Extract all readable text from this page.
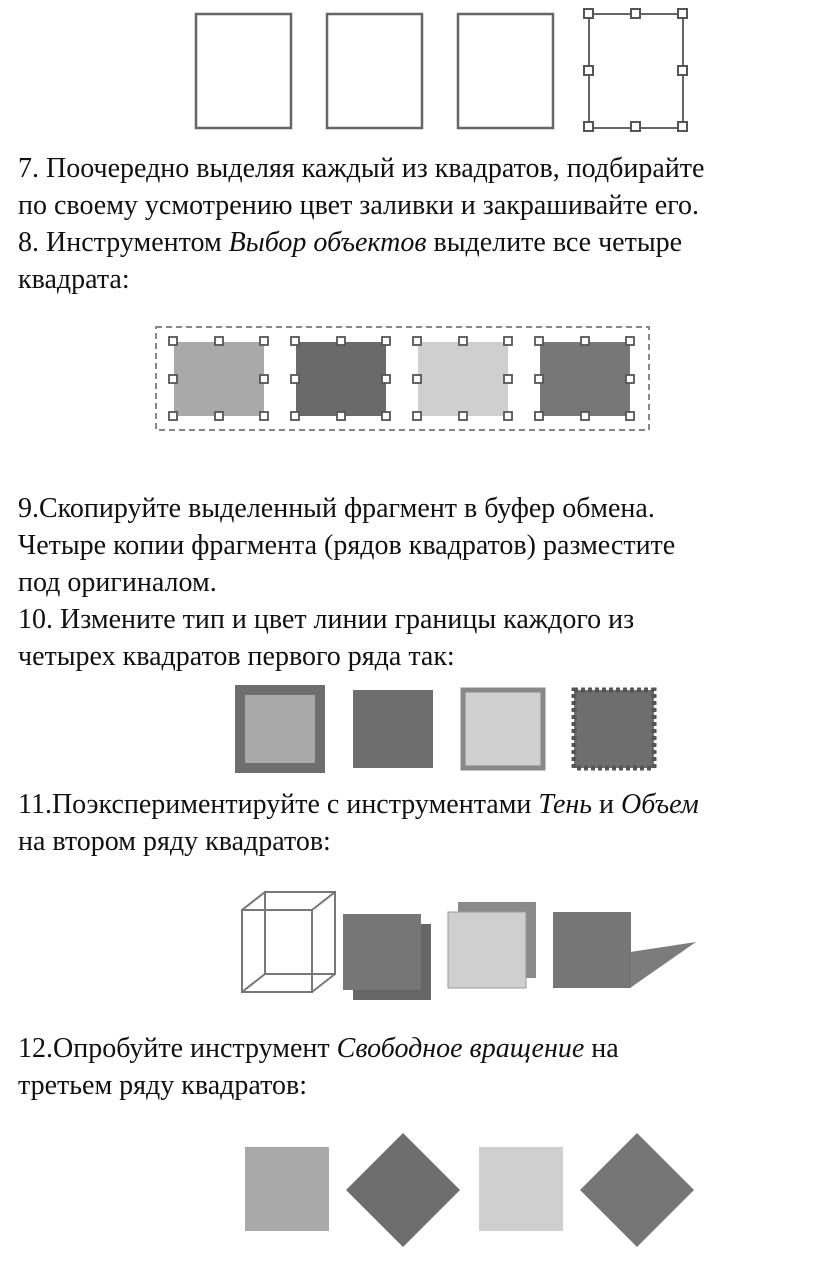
7. Поочередно выделяя каждый из квадратов, подбирайте
по своему усмотрению цвет заливки и закрашивайте его.
8. Инструментом Выбор объектов выделите все четыре
квадрата:
9.Скопируйте выделенный фрагмент в буфер обмена.
Четыре копии фрагмента (рядов квадратов) разместите
под оригиналом.
10. Измените тип и цвет линии границы каждого из
четырех квадратов первого ряда так:
11.Поэкспериментируйте с инструментами Тень и Объем
на втором ряду квадратов:
12.Опробуйте инструмент Свободное вращение на
третьем ряду квадратов:
